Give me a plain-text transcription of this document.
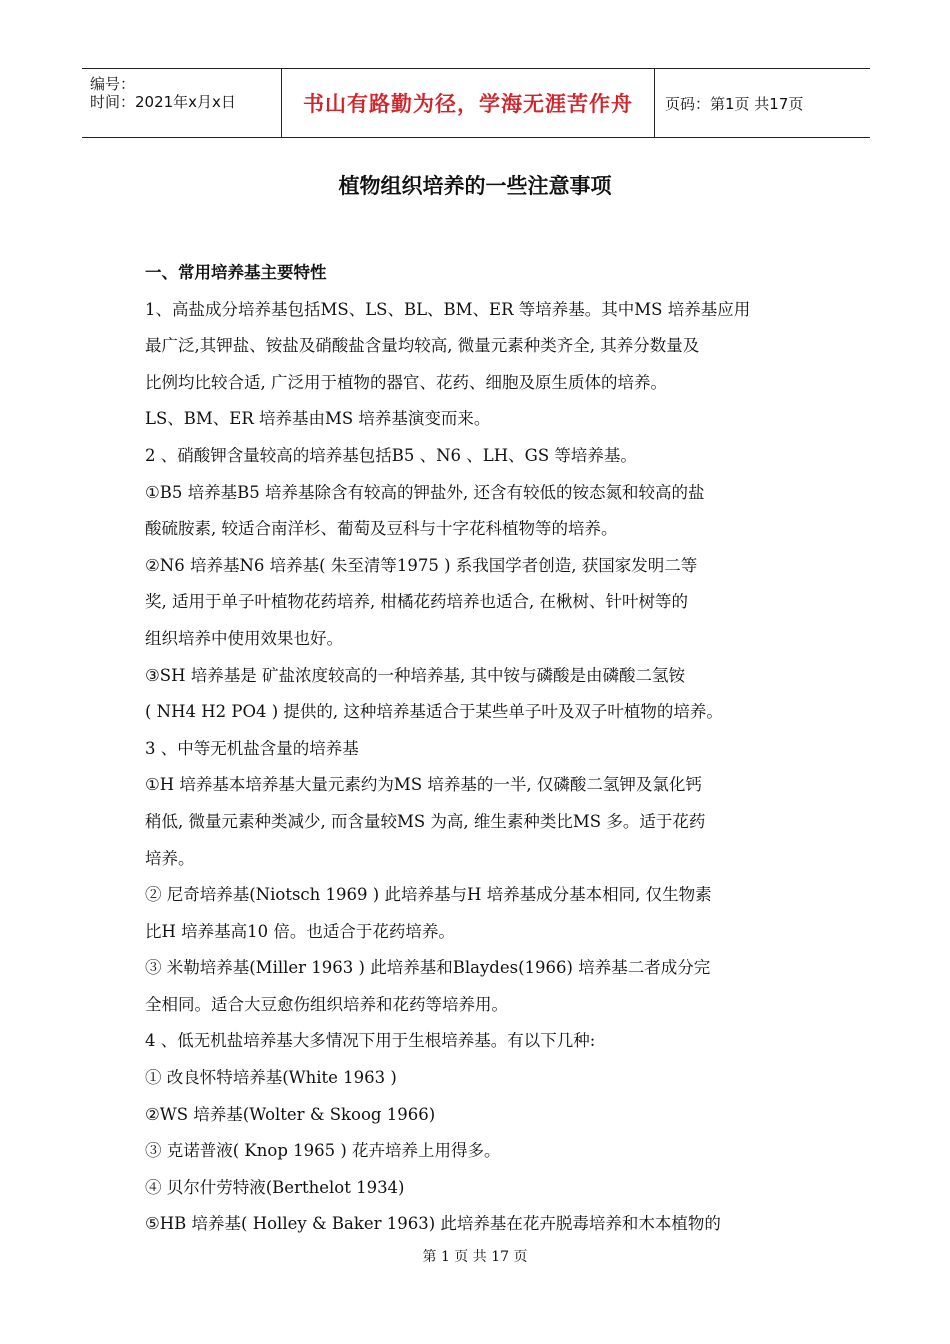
编号：
时间：2021年x月x日	书山有路勤为径，学海无涯苦作舟 页码：第1页 共17页
植物组织培养的一些注意事项
一、常用培养基主要特性
1、高盐成分培养基包括MS、LS、BL、BM、ER 等培养基。其中MS 培养基应用
最广泛,其钾盐、铵盐及硝酸盐含量均较高, 微量元素种类齐全, 其养分数量及
比例均比较合适, 广泛用于植物的器官、花药、细胞及原生质体的培养。
LS、BM、ER 培养基由MS 培养基演变而来。
2 、硝酸钾含量较高的培养基包括B5 、N6 、LH、GS 等培养基。
①B5 培养基B5 培养基除含有较高的钾盐外, 还含有较低的铵态氮和较高的盐
酸硫胺素, 较适合南洋杉、葡萄及豆科与十字花科植物等的培养。
②N6 培养基N6 培养基( 朱至清等1975 ) 系我国学者创造, 获国家发明二等
奖, 适用于单子叶植物花药培养, 柑橘花药培养也适合, 在楸树、针叶树等的
组织培养中使用效果也好。
③SH 培养基是 矿盐浓度较高的一种培养基, 其中铵与磷酸是由磷酸二氢铵
( NH4 H2 PO4 ) 提供的, 这种培养基适合于某些单子叶及双子叶植物的培养。
3 、中等无机盐含量的培养基
①H 培养基本培养基大量元素约为MS 培养基的一半, 仅磷酸二氢钾及氯化钙
稍低, 微量元素种类减少, 而含量较MS 为高, 维生素种类比MS 多。适于花药
培养。
② 尼奇培养基(Niotsch 1969 ) 此培养基与H 培养基成分基本相同, 仅生物素
比H 培养基高10 倍。也适合于花药培养。
③ 米勒培养基(Miller 1963 ) 此培养基和Blaydes(1966) 培养基二者成分完
全相同。适合大豆愈伤组织培养和花药等培养用。
4 、低无机盐培养基大多情况下用于生根培养基。有以下几种:
① 改良怀特培养基(White 1963 )
②WS 培养基(Wolter & Skoog 1966)
③ 克诺普液( Knop 1965 ) 花卉培养上用得多。
④ 贝尔什劳特液(Berthelot 1934)
⑤HB 培养基( Holley & Baker 1963) 此培养基在花卉脱毒培养和木本植物的
第 1 页 共 17 页
